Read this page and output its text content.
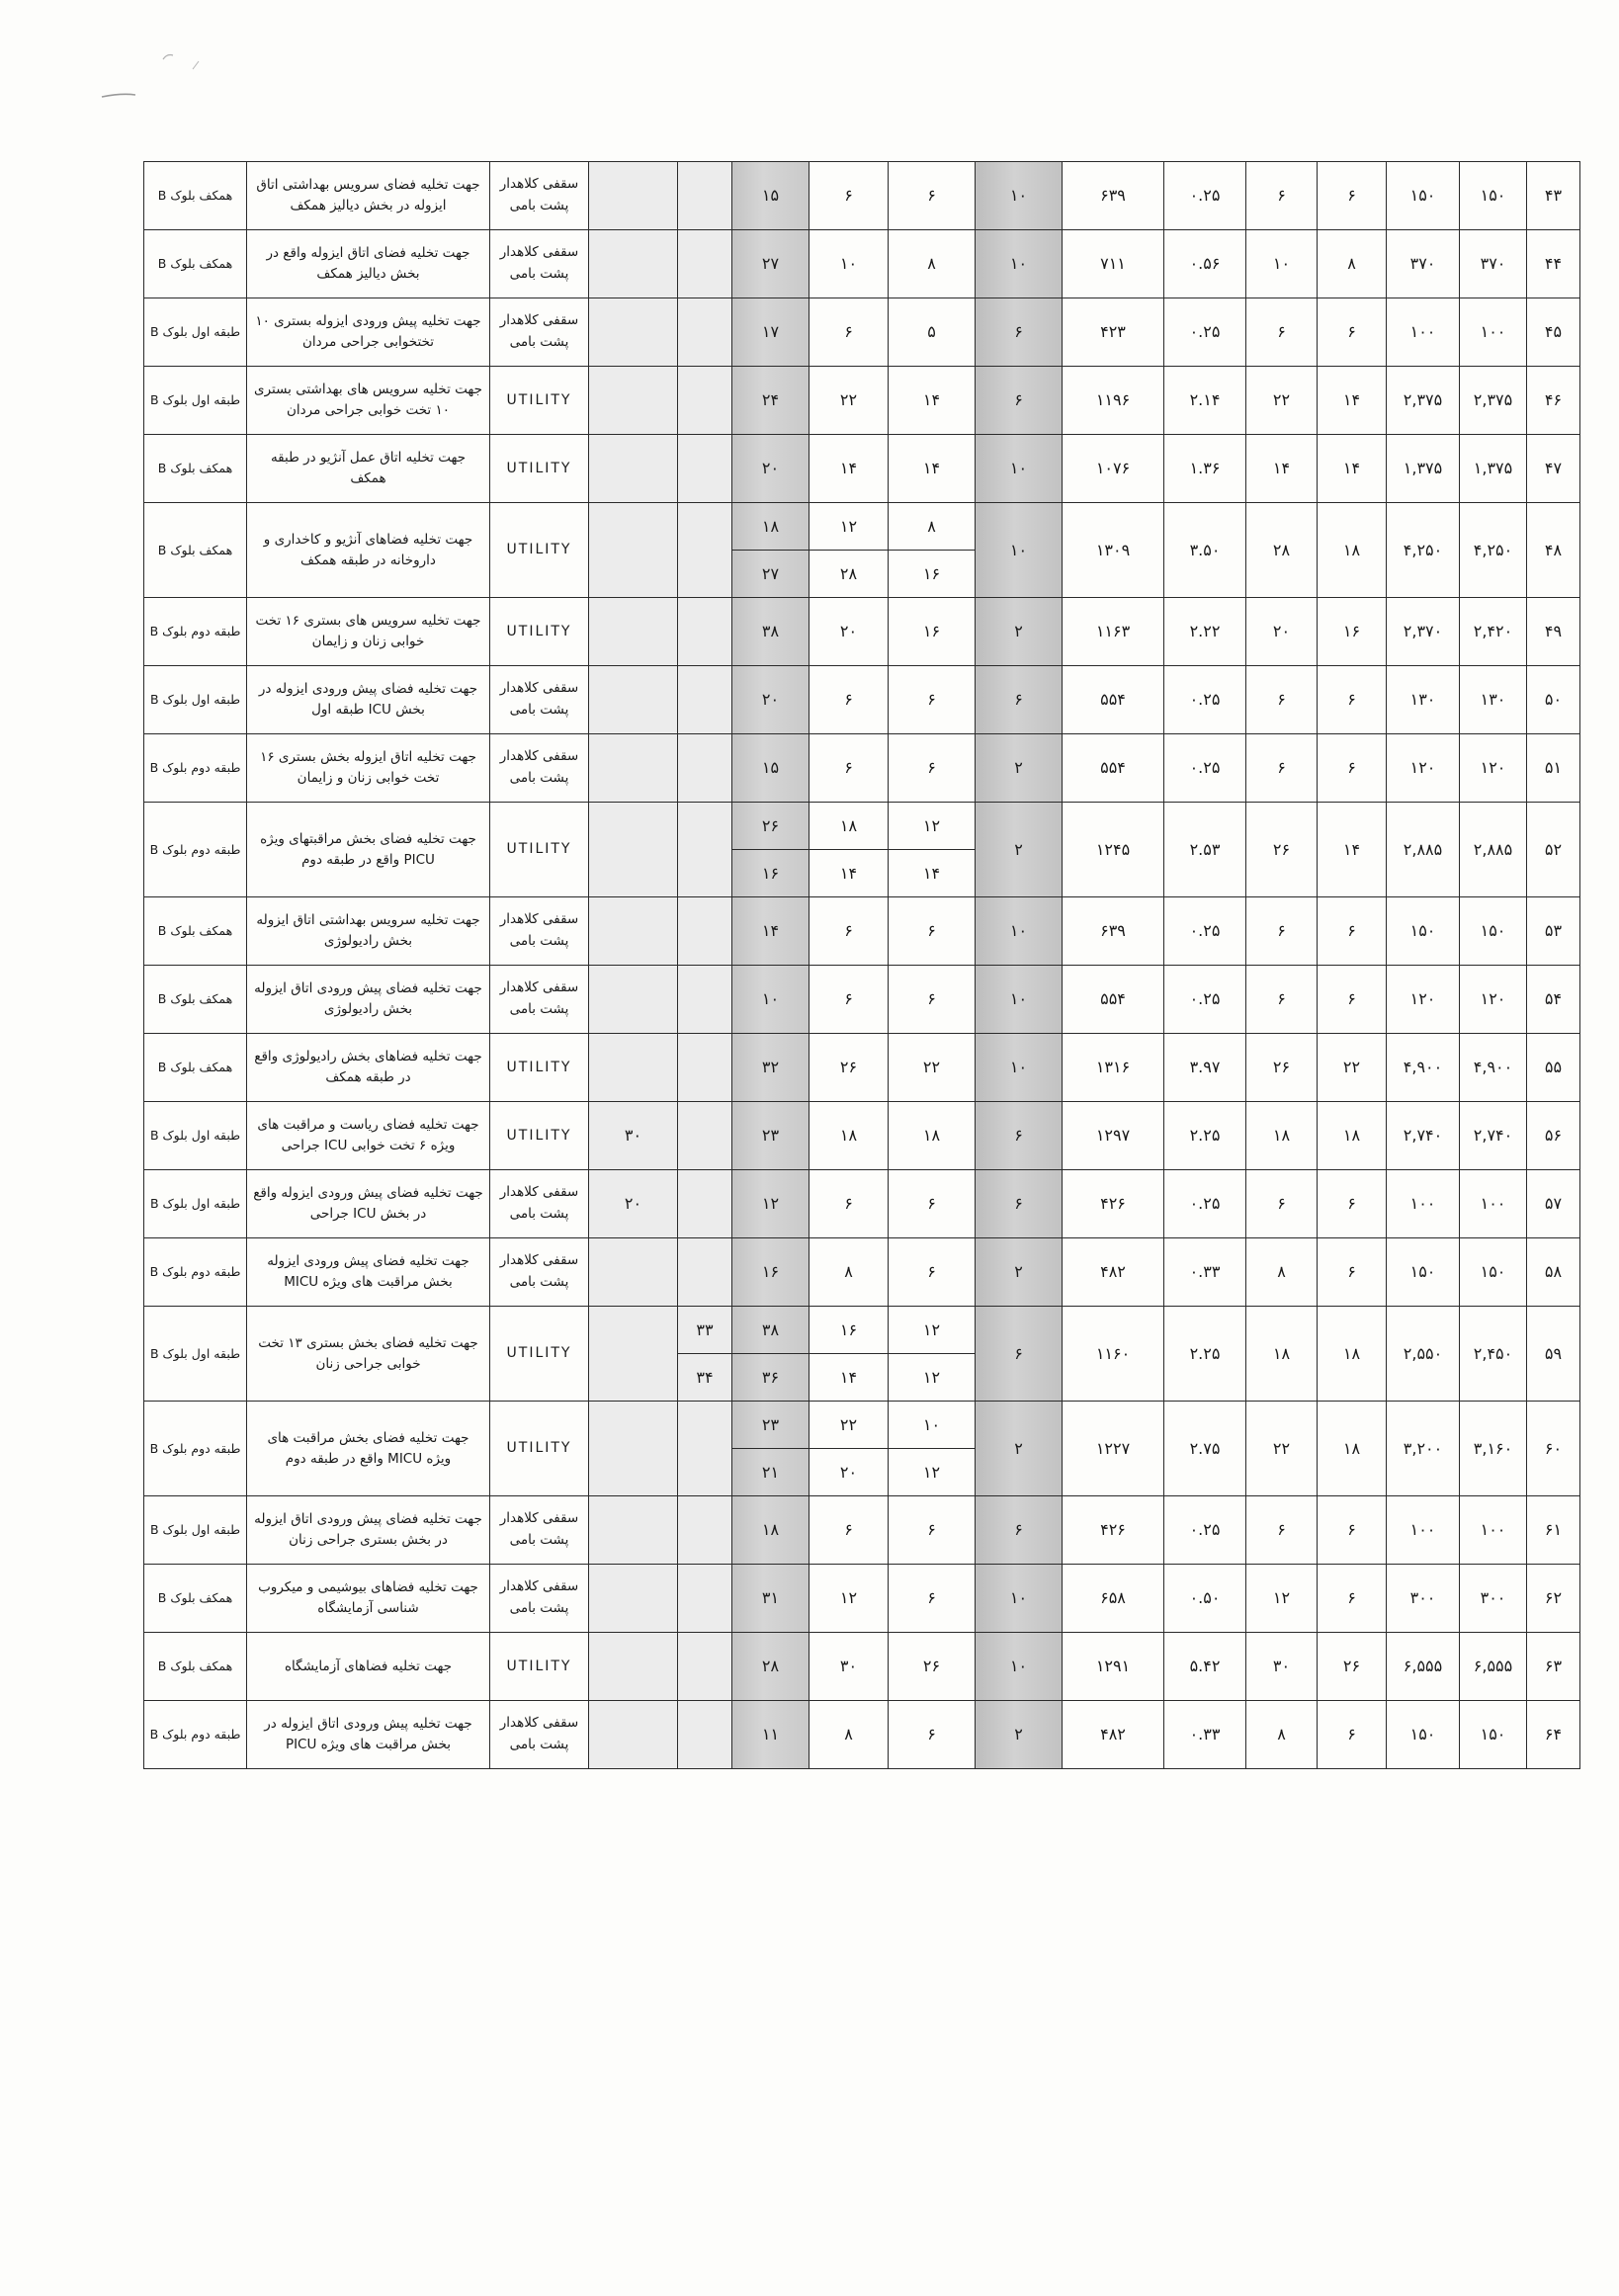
همکف بلوک B	جهت تخلیه فضای سرویس بهداشتی اتاق ایزوله در بخش دیالیز همکف	سقفی کلاهدار پشت بامی			۱۵	۶	۶	۱۰	۶۳۹	۰.۲۵	۶	۶	۱۵۰	۱۵۰	۴۳
همکف بلوک B	جهت تخلیه فضای اتاق ایزوله واقع در بخش دیالیز همکف	سقفی کلاهدار پشت بامی			۲۷	۱۰	۸	۱۰	۷۱۱	۰.۵۶	۱۰	۸	۳۷۰	۳۷۰	۴۴
طبقه اول بلوک B	جهت تخلیه پیش ورودی ایزوله بستری ۱۰ تختخوابی جراحی مردان	سقفی کلاهدار پشت بامی			۱۷	۶	۵	۶	۴۲۳	۰.۲۵	۶	۶	۱۰۰	۱۰۰	۴۵
طبقه اول بلوک B	جهت تخلیه سرویس های بهداشتی بستری ۱۰ تخت خوابی جراحی مردان	UTILITY			۲۴	۲۲	۱۴	۶	۱۱۹۶	۲.۱۴	۲۲	۱۴	۲,۳۷۵	۲,۳۷۵	۴۶
همکف بلوک B	جهت تخلیه اتاق عمل آنژیو در طبقه همکف	UTILITY			۲۰	۱۴	۱۴	۱۰	۱۰۷۶	۱.۳۶	۱۴	۱۴	۱,۳۷۵	۱,۳۷۵	۴۷
همکف بلوک B	جهت تخلیه فضاهای آنژیو و کاخداری و داروخانه در طبقه همکف	UTILITY			۱۸	۱۲	۸	۱۰	۱۳۰۹	۳.۵۰	۲۸	۱۸	۴,۲۵۰	۴,۲۵۰	۴۸
					۲۷	۲۸	۱۶								
طبقه دوم بلوک B	جهت تخلیه سرویس های بستری ۱۶ تخت خوابی زنان و زایمان	UTILITY			۳۸	۲۰	۱۶	۲	۱۱۶۳	۲.۲۲	۲۰	۱۶	۲,۳۷۰	۲,۴۲۰	۴۹
طبقه اول بلوک B	جهت تخلیه فضای پیش ورودی ایزوله در بخش ICU طبقه اول	سقفی کلاهدار پشت بامی			۲۰	۶	۶	۶	۵۵۴	۰.۲۵	۶	۶	۱۳۰	۱۳۰	۵۰
طبقه دوم بلوک B	جهت تخلیه اتاق ایزوله بخش بستری ۱۶ تخت خوابی زنان و زایمان	سقفی کلاهدار پشت بامی			۱۵	۶	۶	۲	۵۵۴	۰.۲۵	۶	۶	۱۲۰	۱۲۰	۵۱
طبقه دوم بلوک B	جهت تخلیه فضای بخش مراقبتهای ویژه PICU واقع در طبقه دوم	UTILITY			۲۶	۱۸	۱۲	۲	۱۲۴۵	۲.۵۳	۲۶	۱۴	۲,۸۸۵	۲,۸۸۵	۵۲
					۱۶	۱۴	۱۴								
همکف بلوک B	جهت تخلیه سرویس بهداشتی اتاق ایزوله بخش رادیولوژی	سقفی کلاهدار پشت بامی			۱۴	۶	۶	۱۰	۶۳۹	۰.۲۵	۶	۶	۱۵۰	۱۵۰	۵۳
همکف بلوک B	جهت تخلیه فضای پیش ورودی اتاق ایزوله بخش رادیولوژی	سقفی کلاهدار پشت بامی			۱۰	۶	۶	۱۰	۵۵۴	۰.۲۵	۶	۶	۱۲۰	۱۲۰	۵۴
همکف بلوک B	جهت تخلیه فضاهای بخش رادیولوژی واقع در طبقه همکف	UTILITY			۳۲	۲۶	۲۲	۱۰	۱۳۱۶	۳.۹۷	۲۶	۲۲	۴,۹۰۰	۴,۹۰۰	۵۵
طبقه اول بلوک B	جهت تخلیه فضای ریاست و مراقبت های ویژه ۶ تخت خوابی ICU جراحی	UTILITY	۳۰		۲۳	۱۸	۱۸	۶	۱۲۹۷	۲.۲۵	۱۸	۱۸	۲,۷۴۰	۲,۷۴۰	۵۶
طبقه اول بلوک B	جهت تخلیه فضای پیش ورودی ایزوله واقع در بخش ICU جراحی	سقفی کلاهدار پشت بامی	۲۰		۱۲	۶	۶	۶	۴۲۶	۰.۲۵	۶	۶	۱۰۰	۱۰۰	۵۷
طبقه دوم بلوک B	جهت تخلیه فضای پیش ورودی ایزوله بخش مراقبت های ویژه MICU	سقفی کلاهدار پشت بامی			۱۶	۸	۶	۲	۴۸۲	۰.۳۳	۸	۶	۱۵۰	۱۵۰	۵۸
طبقه اول بلوک B	جهت تخلیه فضای بخش بستری ۱۳ تخت خوابی جراحی زنان	UTILITY		۳۳	۳۸	۱۶	۱۲	۶	۱۱۶۰	۲.۲۵	۱۸	۱۸	۲,۵۵۰	۲,۴۵۰	۵۹
				۳۴	۳۶	۱۴	۱۲								
طبقه دوم بلوک B	جهت تخلیه فضای بخش مراقبت های ویژه MICU واقع در طبقه دوم	UTILITY			۲۳	۲۲	۱۰	۲	۱۲۲۷	۲.۷۵	۲۲	۱۸	۳,۲۰۰	۳,۱۶۰	۶۰
					۲۱	۲۰	۱۲								
طبقه اول بلوک B	جهت تخلیه فضای پیش ورودی اتاق ایزوله در بخش بستری جراحی زنان	سقفی کلاهدار پشت بامی			۱۸	۶	۶	۶	۴۲۶	۰.۲۵	۶	۶	۱۰۰	۱۰۰	۶۱
همکف بلوک B	جهت تخلیه فضاهای بیوشیمی و میکروب شناسی آزمایشگاه	سقفی کلاهدار پشت بامی			۳۱	۱۲	۶	۱۰	۶۵۸	۰.۵۰	۱۲	۶	۳۰۰	۳۰۰	۶۲
همکف بلوک B	جهت تخلیه فضاهای آزمایشگاه	UTILITY			۲۸	۳۰	۲۶	۱۰	۱۲۹۱	۵.۴۲	۳۰	۲۶	۶,۵۵۵	۶,۵۵۵	۶۳
طبقه دوم بلوک B	جهت تخلیه پیش ورودی اتاق ایزوله در بخش مراقبت های ویژه PICU	سقفی کلاهدار پشت بامی			۱۱	۸	۶	۲	۴۸۲	۰.۳۳	۸	۶	۱۵۰	۱۵۰	۶۴
